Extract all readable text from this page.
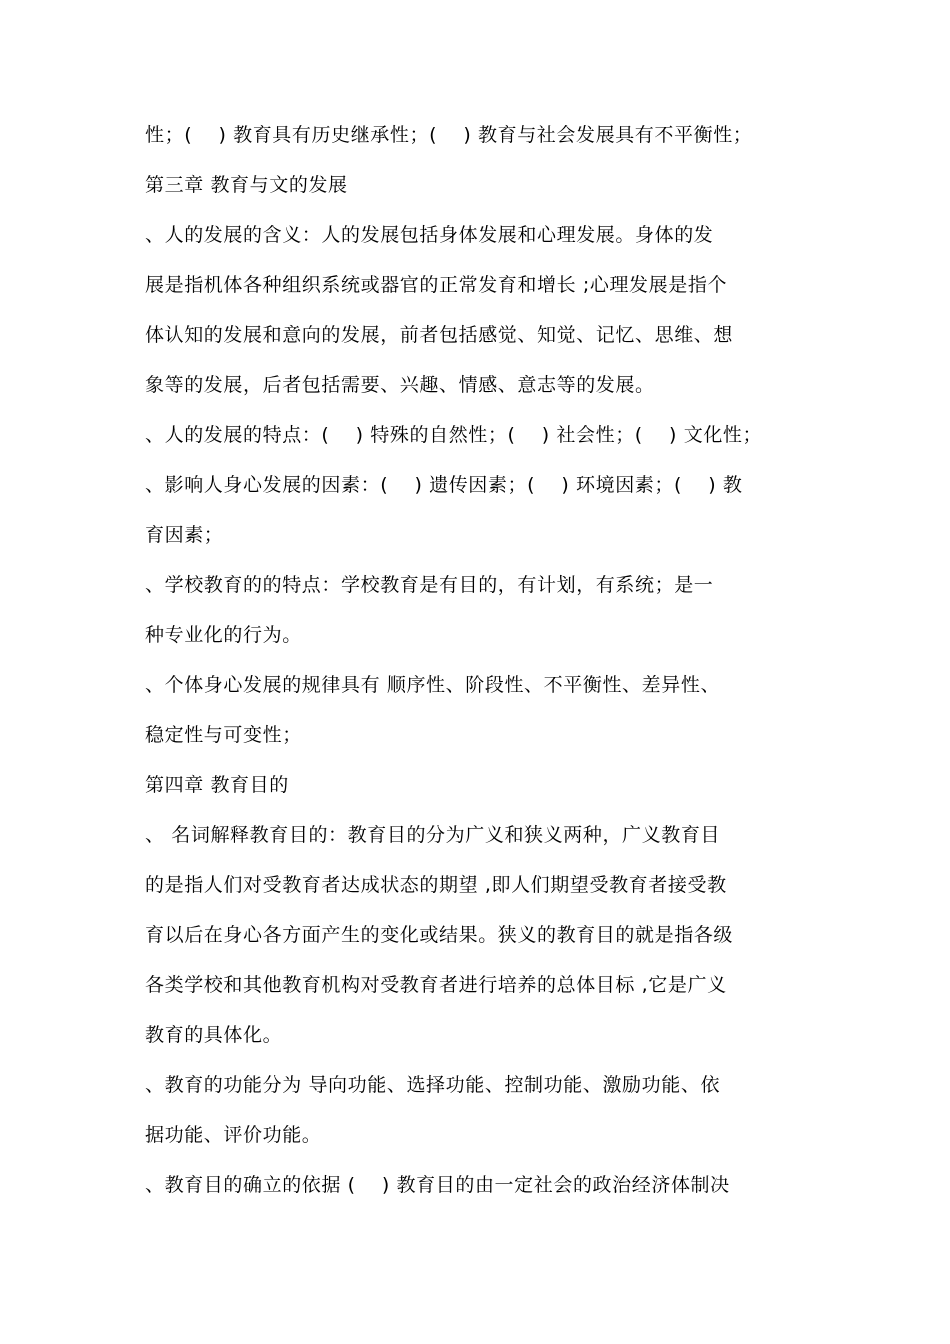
性；(　 ) 教育具有历史继承性；(　 ) 教育与社会发展具有不平衡性；
第三章 教育与文的发展
、人的发展的含义：人的发展包括身体发展和心理发展。身体的发
展是指机体各种组织系统或器官的正常发育和增长 ;心理发展是指个
体认知的发展和意向的发展，前者包括感觉、知觉、记忆、思维、想
象等的发展，后者包括需要、兴趣、情感、意志等的发展。
、人的发展的特点：(　 ) 特殊的自然性；(　 ) 社会性；(　 ) 文化性；
、影响人身心发展的因素：(　 ) 遗传因素；(　 ) 环境因素；(　 ) 教
育因素；
、学校教育的的特点：学校教育是有目的，有计划，有系统；是一
种专业化的行为。
、个体身心发展的规律具有 顺序性、阶段性、不平衡性、差异性、
稳定性与可变性；
第四章 教育目的
、 名词解释教育目的：教育目的分为广义和狭义两种，广义教育目
的是指人们对受教育者达成状态的期望 ,即人们期望受教育者接受教
育以后在身心各方面产生的变化或结果。狭义的教育目的就是指各级
各类学校和其他教育机构对受教育者进行培养的总体目标 ,它是广义
教育的具体化。
、教育的功能分为 导向功能、选择功能、控制功能、激励功能、依
据功能、评价功能。
、教育目的确立的依据 (　 ) 教育目的由一定社会的政治经济体制决
